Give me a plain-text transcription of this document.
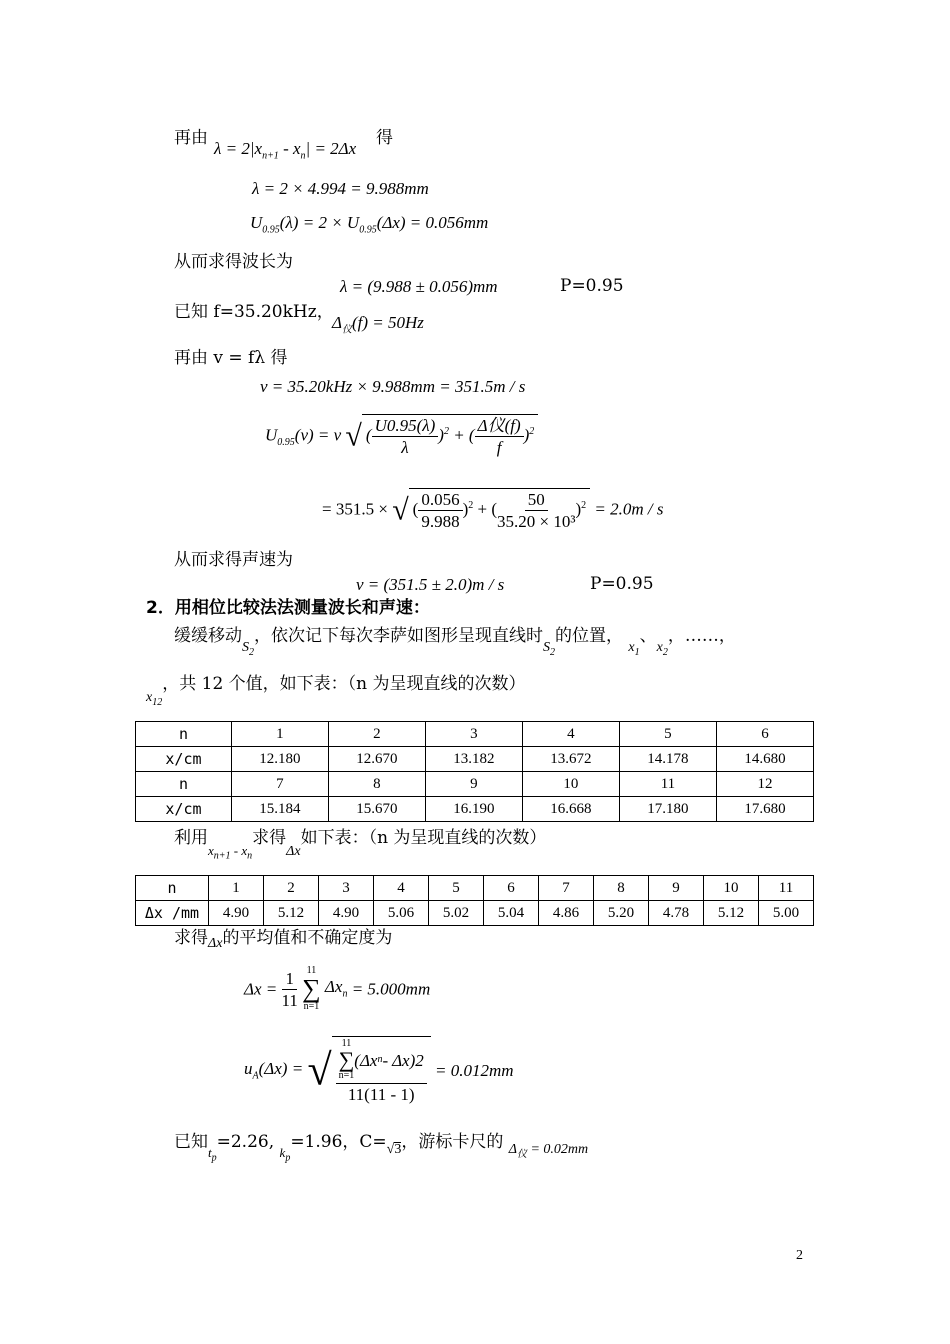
再由
$\lambda = 2|x_{n+1} - x_n| = 2\Delta x$
得
λ = 2 × 4.994 = 9.988mm
$U_{0.95}(\lambda) = 2 \times U_{0.95}(\Delta x) = 0.056mm$
从而求得波长为
λ = (9.988 ± 0.056)mm	P=0.95
已知 f=35.20kHz，
$\Delta_仪(f) = 50Hz$
再由 v = fλ 得
v = 35.20kHz × 9.988mm = 351.5m / s
$U_{0.95}(v) = v$ √( $\frac{U0.95(\lambda)}{\lambda} )^2$ + ( $\frac{\text{Δ仪(f)}}{f} )^2$
= 351.5 × √( $\frac{0.056}{9.988} )^2$ + ( $\frac{50}{\text{35.20 × 10³}} )^2 = 2.0m / s$
从而求得声速为
v = (351.5 ± 2.0)m / s	P=0.95
2．用相位比较法法测量波长和声速：
缓缓移动$_{S_2}$，依次记下每次李萨如图形呈现直线时$_{S_2}$的位置， $_{x_1}$、$_{x_2}$，……，
$_{x_{12}}$，共 12 个值，如下表：（n 为呈现直线的次数）
n	1	2	3	4	5	6
x/cm	12.180	12.670	13.182	13.672	14.178	14.680
n	7	8	9	10	11	12
x/cm	15.184	15.670	16.190	16.668	17.180	17.680
利用$_{x_{n+1} - x_n}$求得$_{\Delta x}$如下表：（n 为呈现直线的次数）
n	1	2	3	4	5	6	7	8	9	10	11
Δx /mm	4.90	5.12	4.90	5.06	5.02	5.04	4.86	5.20	4.78	5.12	5.00
求得$_{\Delta x}$的平均值和不确定度为
$\Delta x = \frac{1}{11}$
11
∑
n=1
$\Delta x_n = 5.000mm$
$u_A(\Delta x)$ = √ 11
∑
n=1
(Δx n - Δx)2
11(11 - 1) = 0.012mm
已知$_{t_p}$=2.26, $_{k_p}$=1.96，$C=_{√3}$，游标卡尺的 $_{\Delta_仪 = 0.02mm}$
2
